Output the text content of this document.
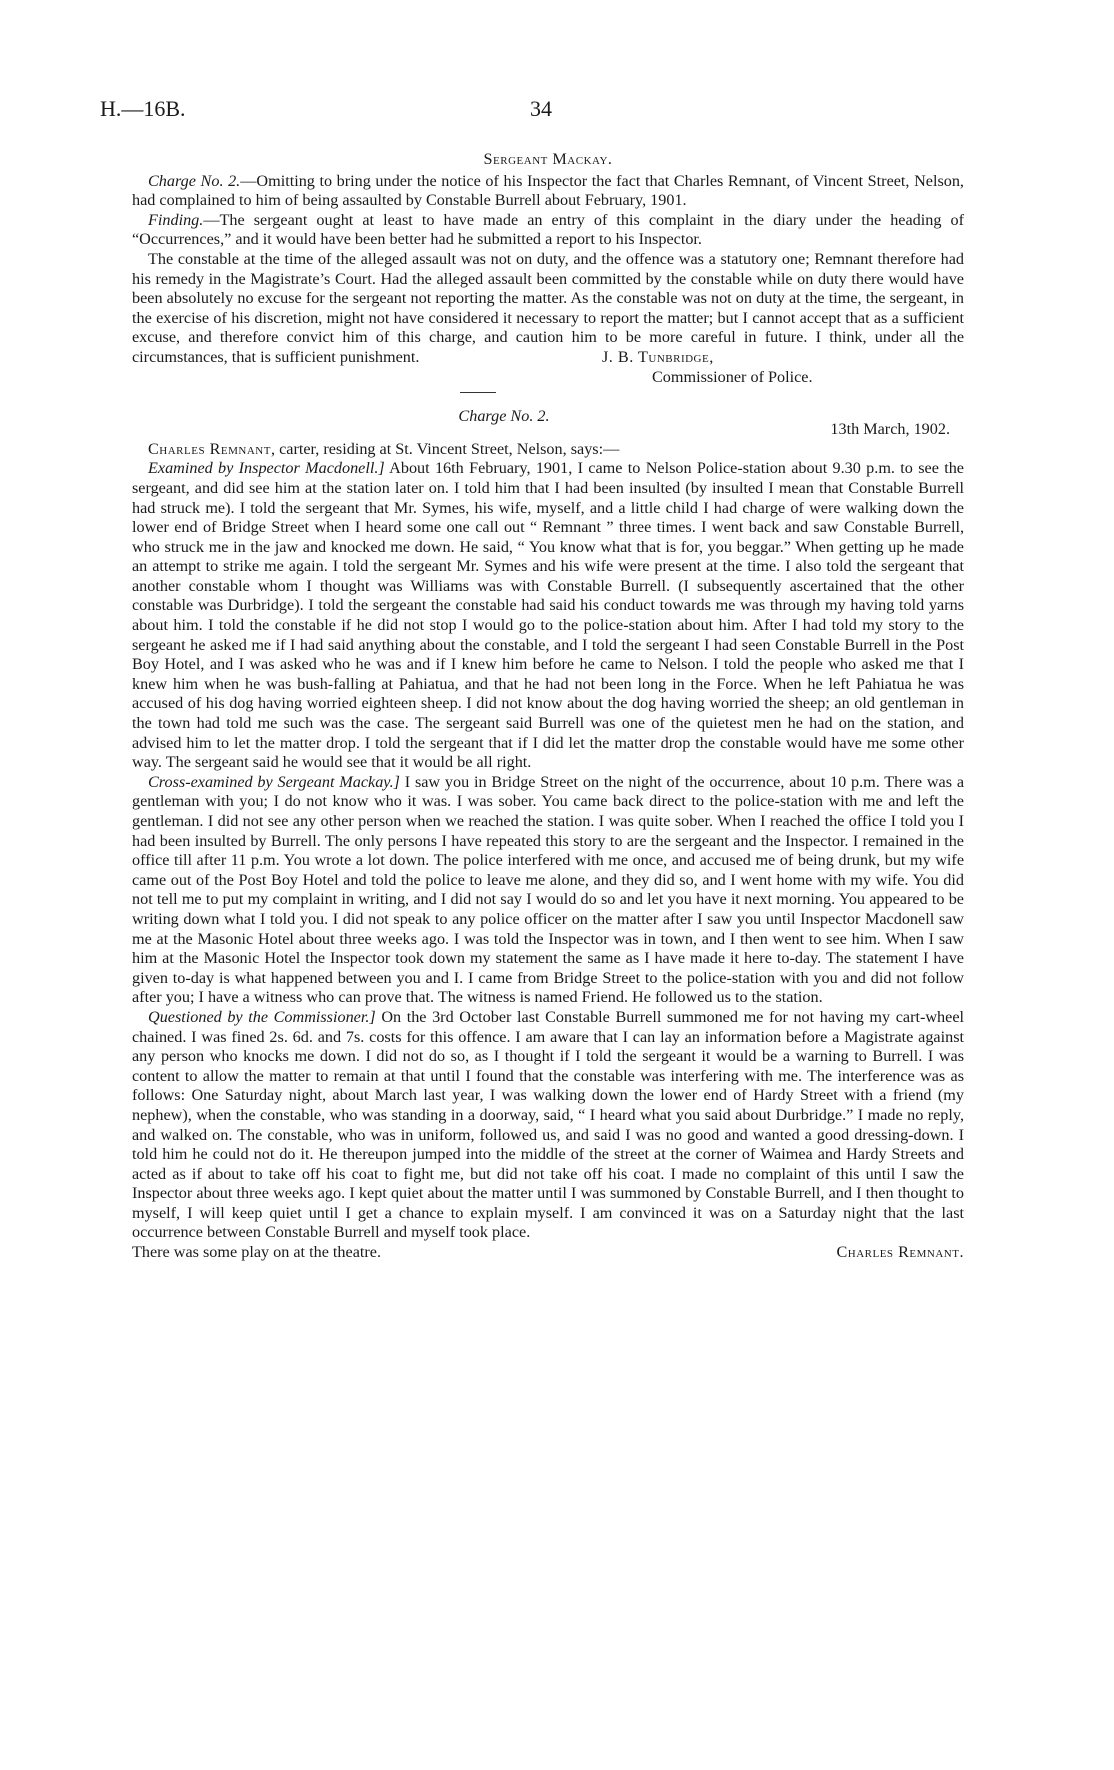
H.—16B.	34
Sergeant Mackay.

Charge No. 2.—Omitting to bring under the notice of his Inspector the fact that Charles Remnant, of Vincent Street, Nelson, had complained to him of being assaulted by Constable Burrell about February, 1901.

Finding.—The sergeant ought at least to have made an entry of this complaint in the diary under the heading of “Occurrences,” and it would have been better had he submitted a report to his Inspector.

The constable at the time of the alleged assault was not on duty, and the offence was a statutory one; Remnant therefore had his remedy in the Magistrate’s Court. Had the alleged assault been committed by the constable while on duty there would have been absolutely no excuse for the sergeant not reporting the matter. As the constable was not on duty at the time, the sergeant, in the exercise of his discretion, might not have considered it necessary to report the matter; but I cannot accept that as a sufficient excuse, and therefore convict him of this charge, and caution him to be more careful in future. I think, under all the circumstances, that is sufficient punishment.	J. B. Tunbridge,
Commissioner of Police.
Charge No. 2.
13th March, 1902.

Charles Remnant, carter, residing at St. Vincent Street, Nelson, says:—

Examined by Inspector Macdonell.] About 16th February, 1901, I came to Nelson Police-station about 9.30 p.m. to see the sergeant, and did see him at the station later on. I told him that I had been insulted (by insulted I mean that Constable Burrell had struck me). I told the sergeant that Mr. Symes, his wife, myself, and a little child I had charge of were walking down the lower end of Bridge Street when I heard some one call out “ Remnant ” three times. I went back and saw Constable Burrell, who struck me in the jaw and knocked me down. He said, “ You know what that is for, you beggar.” When getting up he made an attempt to strike me again. I told the sergeant Mr. Symes and his wife were present at the time. I also told the sergeant that another constable whom I thought was Williams was with Constable Burrell. (I subsequently ascertained that the other constable was Durbridge). I told the sergeant the constable had said his conduct towards me was through my having told yarns about him. I told the constable if he did not stop I would go to the police-station about him. After I had told my story to the sergeant he asked me if I had said anything about the constable, and I told the sergeant I had seen Constable Burrell in the Post Boy Hotel, and I was asked who he was and if I knew him before he came to Nelson. I told the people who asked me that I knew him when he was bush-falling at Pahiatua, and that he had not been long in the Force. When he left Pahiatua he was accused of his dog having worried eighteen sheep. I did not know about the dog having worried the sheep; an old gentleman in the town had told me such was the case. The sergeant said Burrell was one of the quietest men he had on the station, and advised him to let the matter drop. I told the sergeant that if I did let the matter drop the constable would have me some other way. The sergeant said he would see that it would be all right.

Cross-examined by Sergeant Mackay.] I saw you in Bridge Street on the night of the occurrence, about 10 p.m. There was a gentleman with you; I do not know who it was. I was sober. You came back direct to the police-station with me and left the gentleman. I did not see any other person when we reached the station. I was quite sober. When I reached the office I told you I had been insulted by Burrell. The only persons I have repeated this story to are the sergeant and the Inspector. I remained in the office till after 11 p.m. You wrote a lot down. The police interfered with me once, and accused me of being drunk, but my wife came out of the Post Boy Hotel and told the police to leave me alone, and they did so, and I went home with my wife. You did not tell me to put my complaint in writing, and I did not say I would do so and let you have it next morning. You appeared to be writing down what I told you. I did not speak to any police officer on the matter after I saw you until Inspector Macdonell saw me at the Masonic Hotel about three weeks ago. I was told the Inspector was in town, and I then went to see him. When I saw him at the Masonic Hotel the Inspector took down my statement the same as I have made it here to-day. The statement I have given to-day is what happened between you and I. I came from Bridge Street to the police-station with you and did not follow after you; I have a witness who can prove that. The witness is named Friend. He followed us to the station.

Questioned by the Commissioner.] On the 3rd October last Constable Burrell summoned me for not having my cart-wheel chained. I was fined 2s. 6d. and 7s. costs for this offence. I am aware that I can lay an information before a Magistrate against any person who knocks me down. I did not do so, as I thought if I told the sergeant it would be a warning to Burrell. I was content to allow the matter to remain at that until I found that the constable was interfering with me. The interference was as follows: One Saturday night, about March last year, I was walking down the lower end of Hardy Street with a friend (my nephew), when the constable, who was standing in a doorway, said, “ I heard what you said about Durbridge.” I made no reply, and walked on. The constable, who was in uniform, followed us, and said I was no good and wanted a good dressing-down. I told him he could not do it. He thereupon jumped into the middle of the street at the corner of Waimea and Hardy Streets and acted as if about to take off his coat to fight me, but did not take off his coat. I made no complaint of this until I saw the Inspector about three weeks ago. I kept quiet about the matter until I was summoned by Constable Burrell, and I then thought to myself, I will keep quiet until I get a chance to explain myself. I am convinced it was on a Saturday night that the last occurrence between Constable Burrell and myself took place.

There was some play on at the theatre.	Charles Remnant.
